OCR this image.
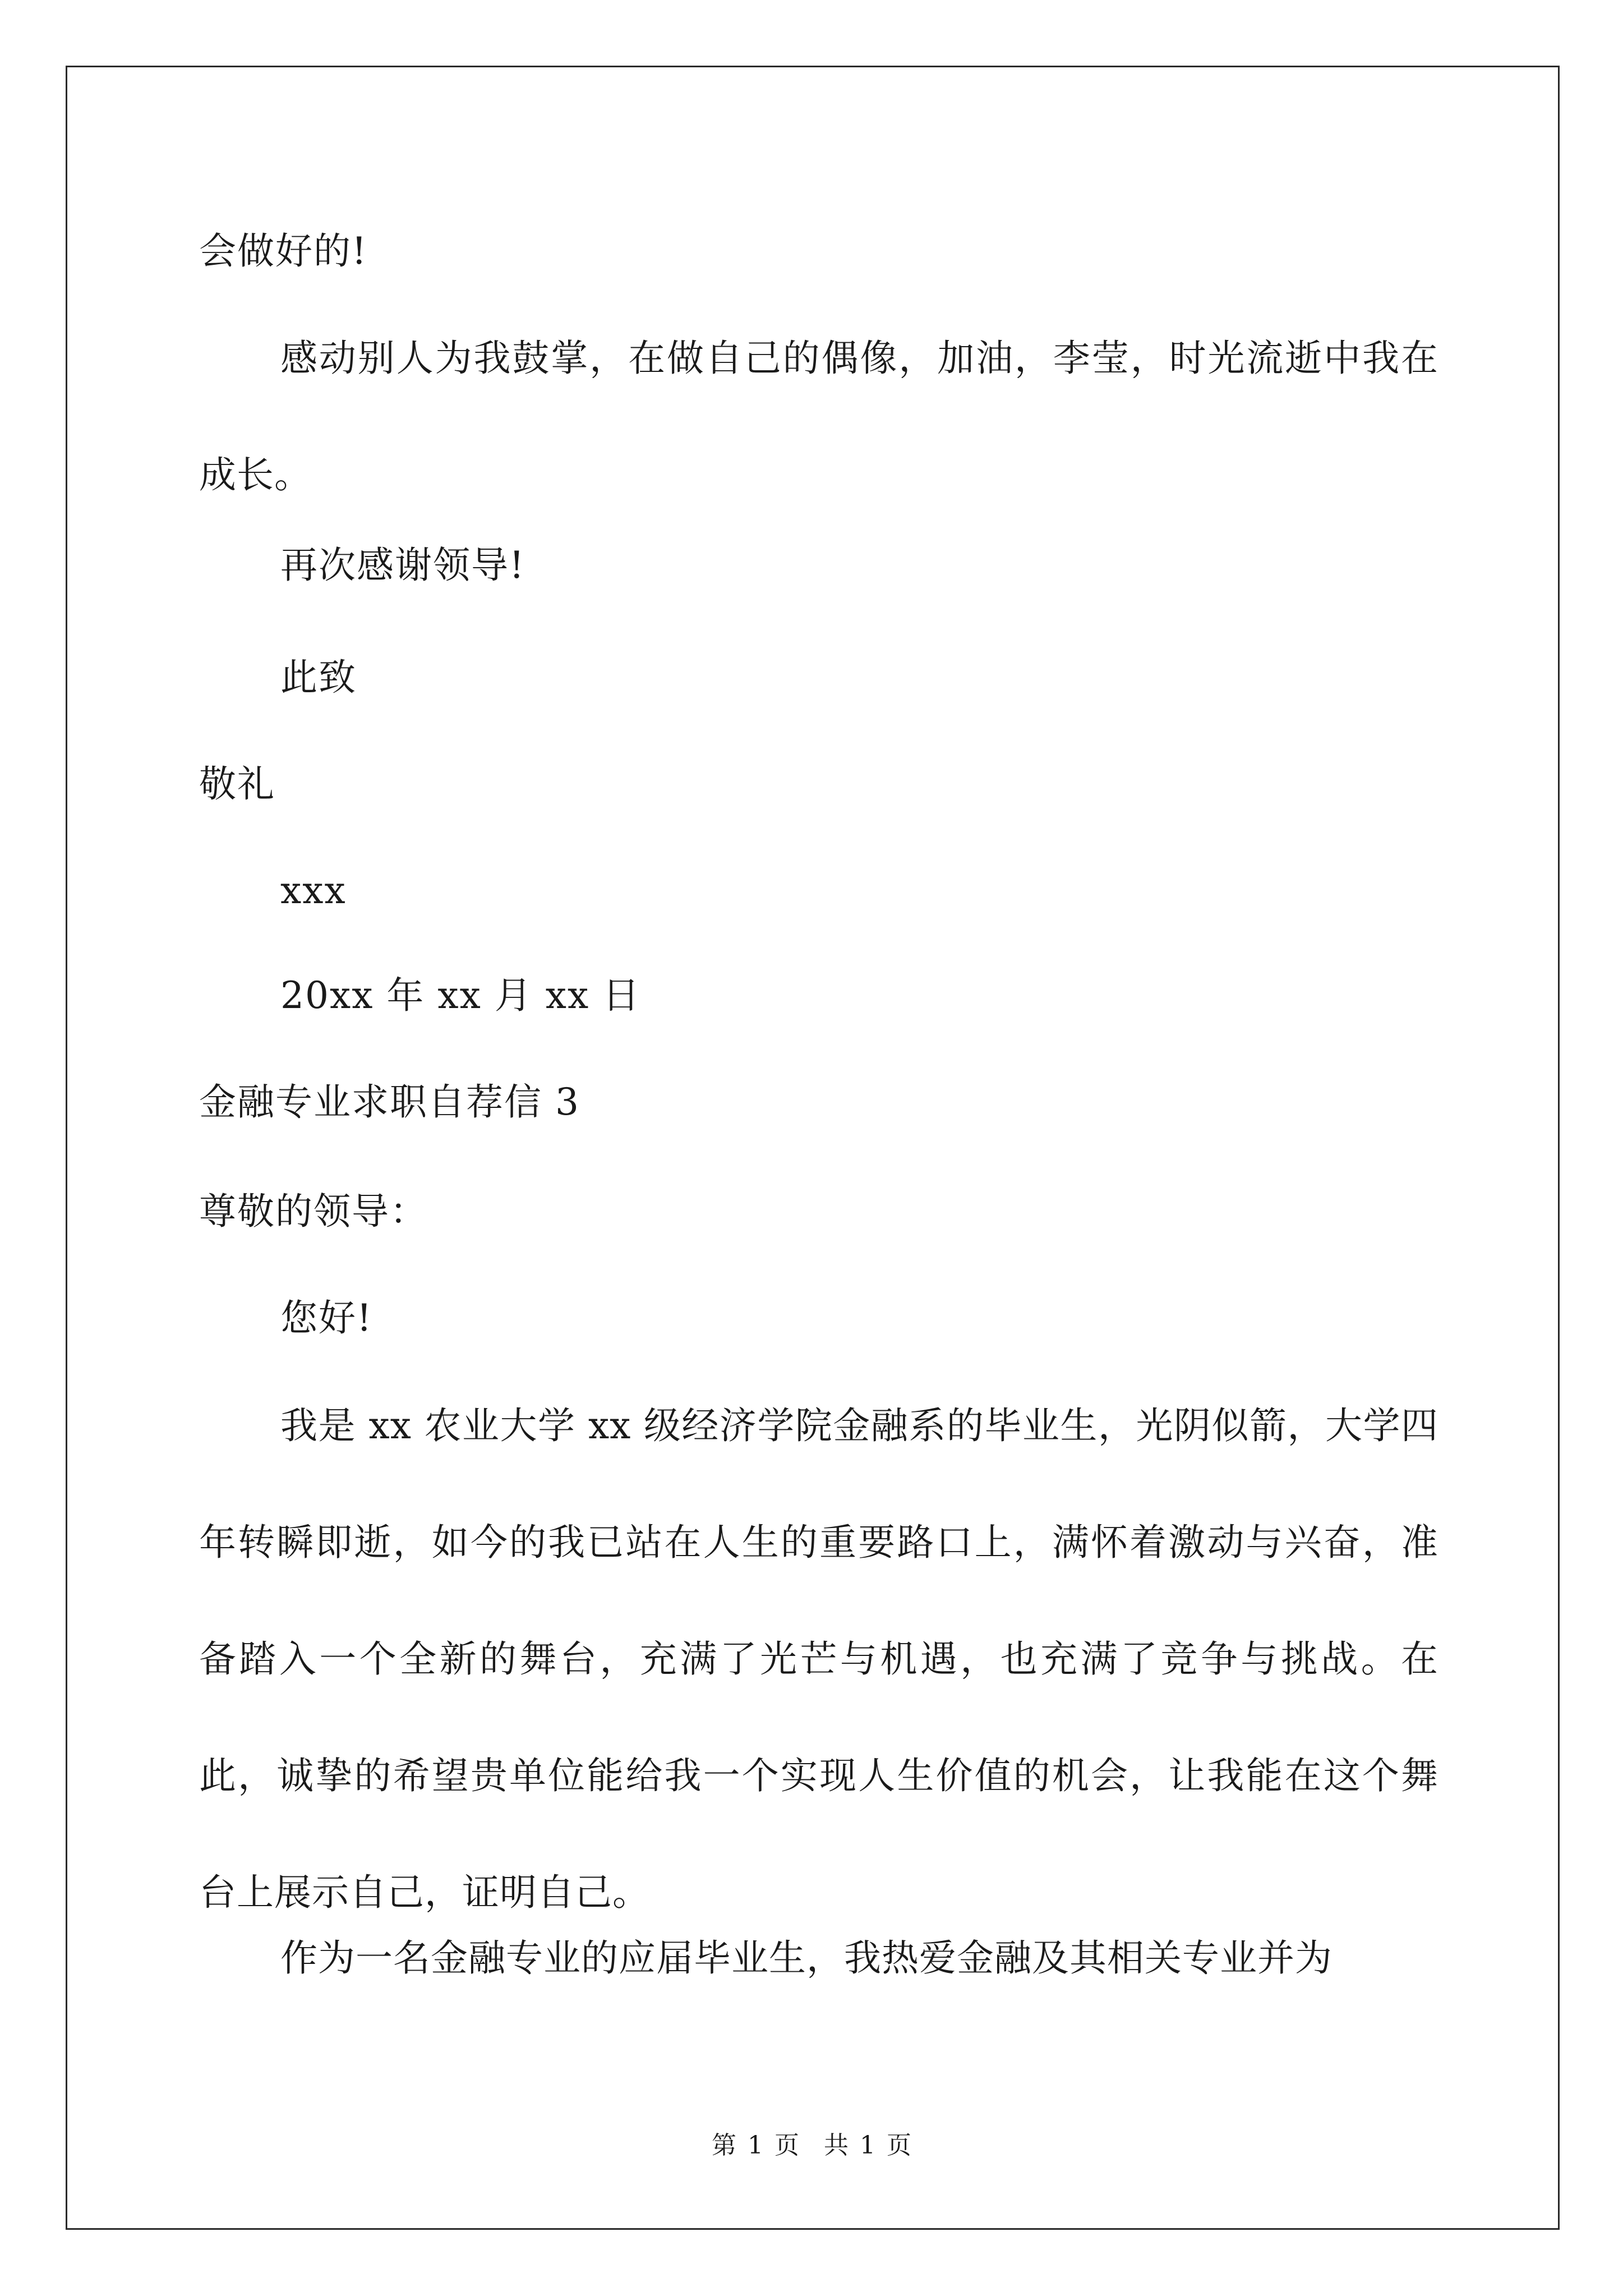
会做好的!
感动别人为我鼓掌，在做自己的偶像，加油，李莹，时光流逝中我在成长。
再次感谢领导!
此致
敬礼
xxx
20xx 年 xx 月 xx 日
金融专业求职自荐信 3
尊敬的领导：
您好!
我是 xx 农业大学 xx 级经济学院金融系的毕业生，光阴似箭，大学四年转瞬即逝，如今的我已站在人生的重要路口上，满怀着激动与兴奋，准备踏入一个全新的舞台，充满了光芒与机遇，也充满了竞争与挑战。在此，诚挚的希望贵单位能给我一个实现人生价值的机会，让我能在这个舞台上展示自己，证明自己。
作为一名金融专业的应届毕业生，我热爱金融及其相关专业并为
第 1 页　共 1 页
